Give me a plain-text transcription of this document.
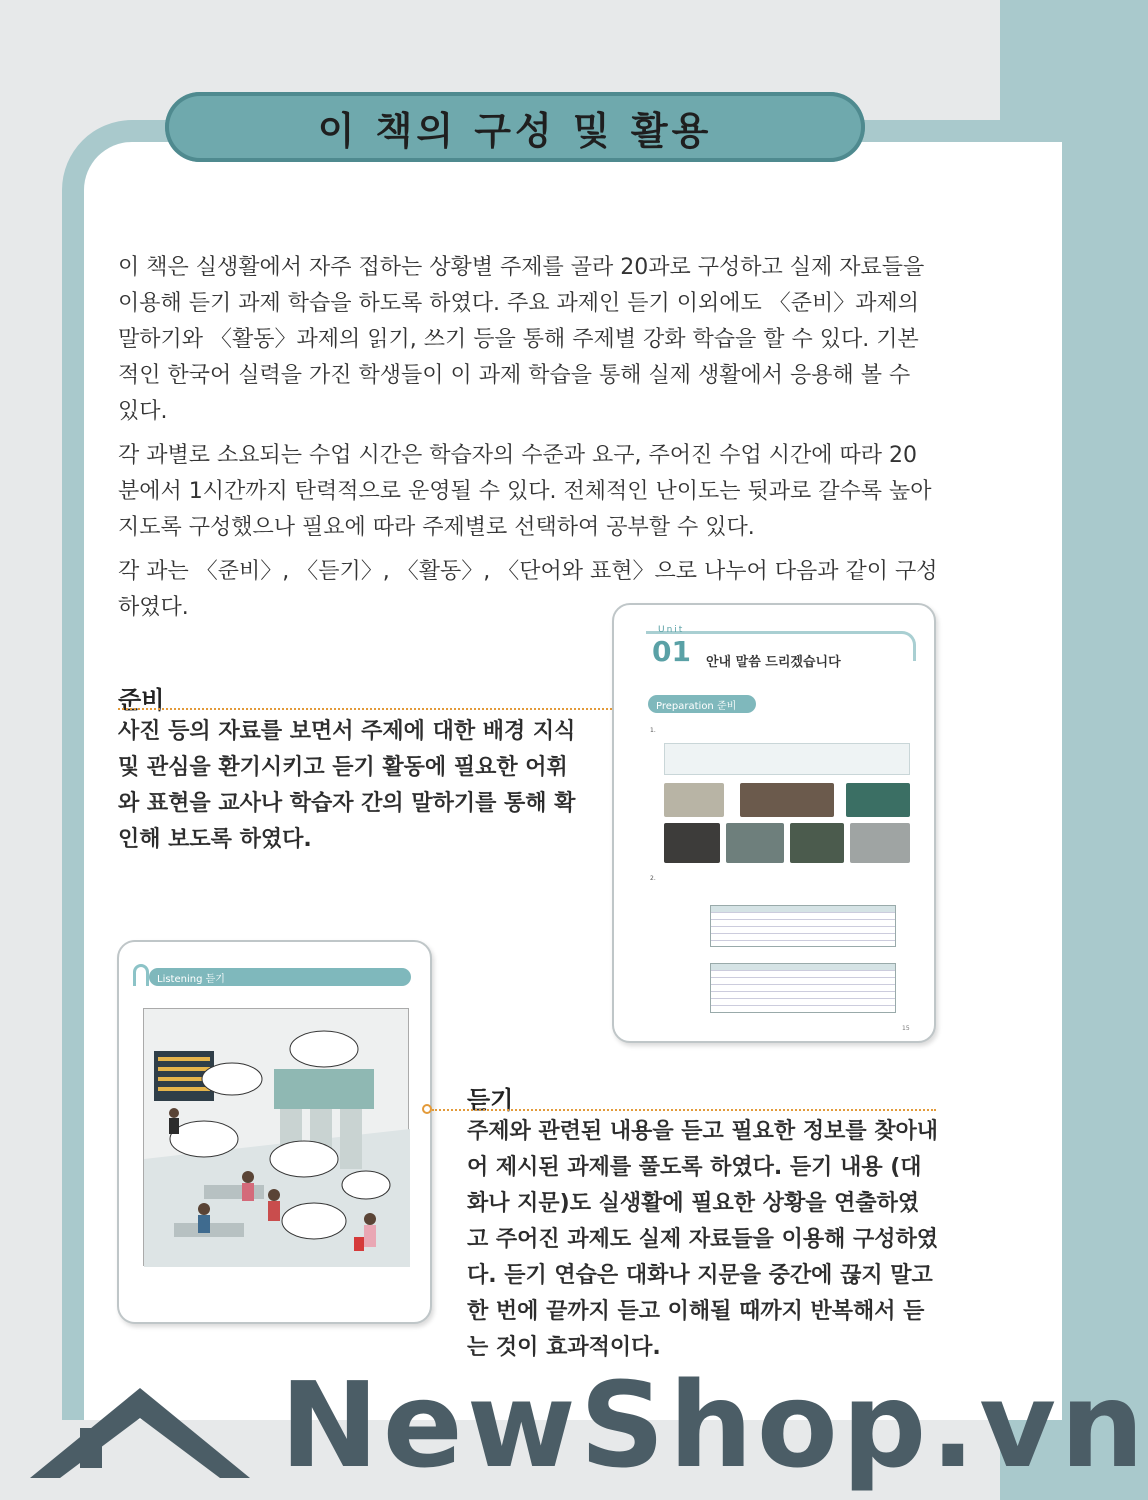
이 책의 구성 및 활용

이 책은 실생활에서 자주 접하는 상황별 주제를 골라 20과로 구성하고 실제 자료들을 이용해 듣기 과제 학습을 하도록 하였다. 주요 과제인 듣기 이외에도 〈준비〉과제의 말하기와 〈활동〉과제의 읽기, 쓰기 등을 통해 주제별 강화 학습을 할 수 있다. 기본적인 한국어 실력을 가진 학생들이 이 과제 학습을 통해 실제 생활에서 응용해 볼 수 있다.

각 과별로 소요되는 수업 시간은 학습자의 수준과 요구, 주어진 수업 시간에 따라 20분에서 1시간까지 탄력적으로 운영될 수 있다. 전체적인 난이도는 뒷과로 갈수록 높아지도록 구성했으나 필요에 따라 주제별로 선택하여 공부할 수 있다.

각 과는 〈준비〉, 〈듣기〉, 〈활동〉, 〈단어와 표현〉으로 나누어 다음과 같이 구성하였다.

준비
사진 등의 자료를 보면서 주제에 대한 배경 지식 및 관심을 환기시키고 듣기 활동에 필요한 어휘와 표현을 교사나 학습자 간의 말하기를 통해 확인해 보도록 하였다.
Unit
01 안내 말씀 드리겠습니다
Preparation 준비
1.
2.
15
Listening 듣기
듣기
주제와 관련된 내용을 듣고 필요한 정보를 찾아내어 제시된 과제를 풀도록 하였다. 듣기 내용 (대화나 지문)도 실생활에 필요한 상황을 연출하였고 주어진 과제도 실제 자료들을 이용해 구성하였다. 듣기 연습은 대화나 지문을 중간에 끊지 말고 한 번에 끝까지 듣고 이해될 때까지 반복해서 듣는 것이 효과적이다.
NewShop.vn
